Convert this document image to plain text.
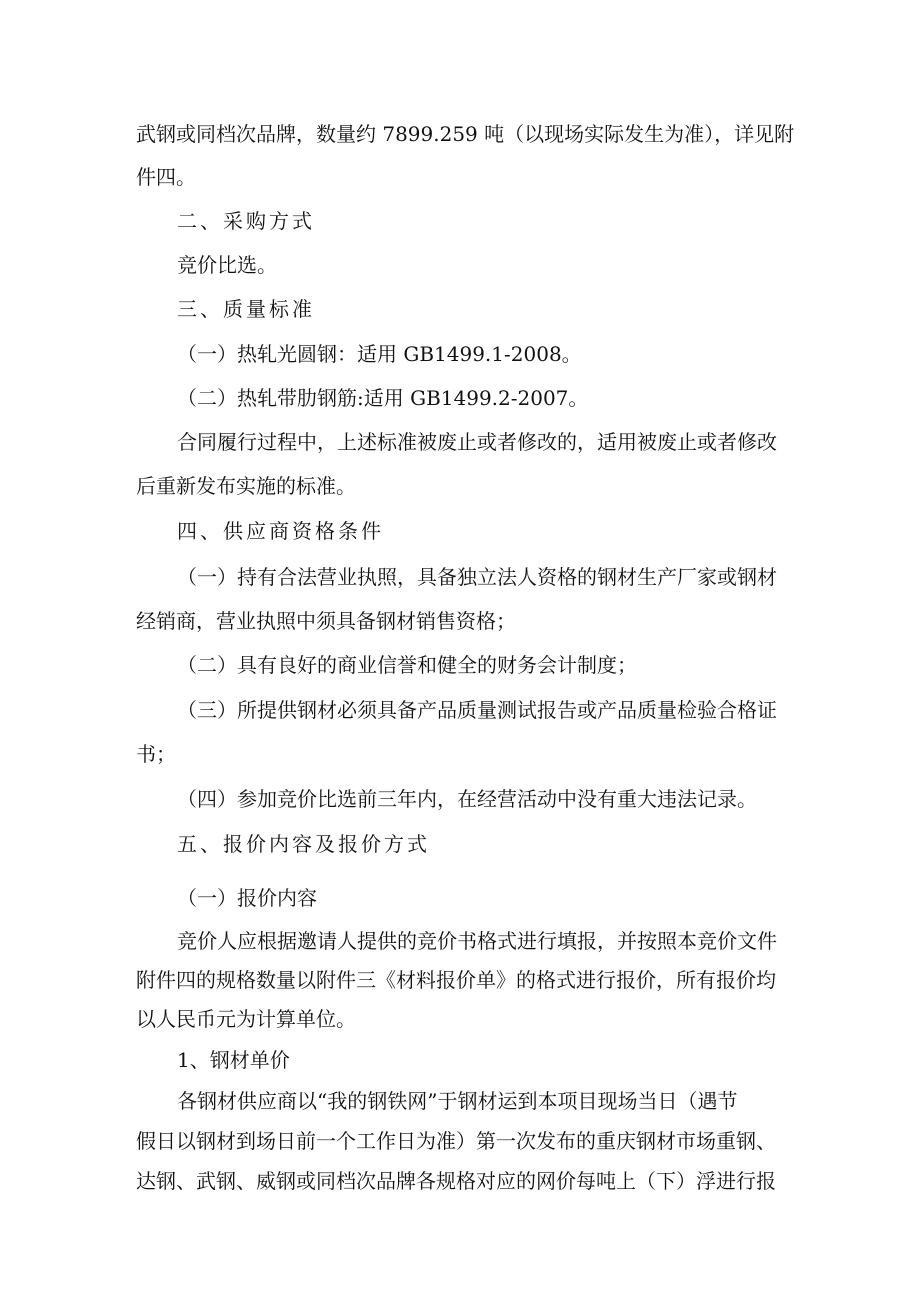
武钢或同档次品牌，数量约 7899.259 吨（以现场实际发生为准），详见附
件四。
二、采购方式
竞价比选。
三、质量标准
（一）热轧光圆钢：适用 GB1499.1-2008。
（二）热轧带肋钢筋:适用 GB1499.2-2007。
合同履行过程中，上述标准被废止或者修改的，适用被废止或者修改
后重新发布实施的标准。
四、供应商资格条件
（一）持有合法营业执照，具备独立法人资格的钢材生产厂家或钢材
经销商，营业执照中须具备钢材销售资格；
（二）具有良好的商业信誉和健全的财务会计制度；
（三）所提供钢材必须具备产品质量测试报告或产品质量检验合格证
书；
（四）参加竞价比选前三年内，在经营活动中没有重大违法记录。
五、报价内容及报价方式
（一）报价内容
竞价人应根据邀请人提供的竞价书格式进行填报，并按照本竞价文件
附件四的规格数量以附件三《材料报价单》的格式进行报价，所有报价均
以人民币元为计算单位。
1、钢材单价
各钢材供应商以“我的钢铁网”于钢材运到本项目现场当日（遇节
假日以钢材到场日前一个工作日为准）第一次发布的重庆钢材市场重钢、
达钢、武钢、威钢或同档次品牌各规格对应的网价每吨上（下）浮进行报
